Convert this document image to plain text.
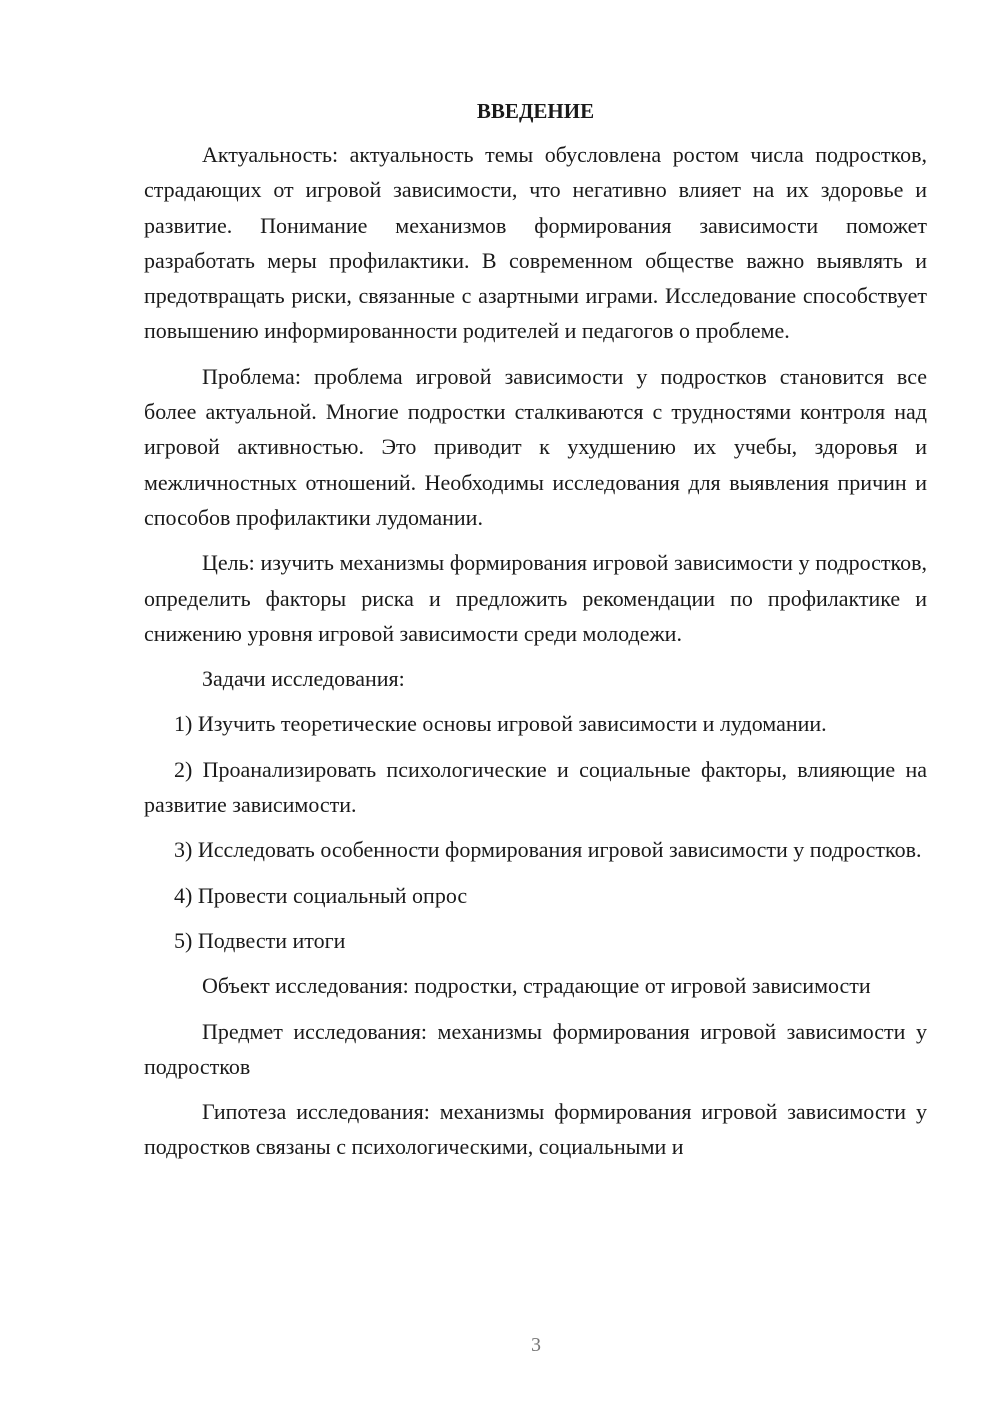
ВВЕДЕНИЕ

Актуальность: актуальность темы обусловлена ростом числа подростков, страдающих от игровой зависимости, что негативно влияет на их здоровье и развитие. Понимание механизмов формирования зависимости поможет разработать меры профилактики. В современном обществе важно выявлять и предотвращать риски, связанные с азартными играми. Исследование способствует повышению информированности родителей и педагогов о проблеме.

Проблема: проблема игровой зависимости у подростков становится все более актуальной. Многие подростки сталкиваются с трудностями контроля над игровой активностью. Это приводит к ухудшению их учебы, здоровья и межличностных отношений. Необходимы исследования для выявления причин и способов профилактики лудомании.

Цель: изучить механизмы формирования игровой зависимости у подростков, определить факторы риска и предложить рекомендации по профилактике и снижению уровня игровой зависимости среди молодежи.

Задачи исследования:

1) Изучить теоретические основы игровой зависимости и лудомании.

2) Проанализировать психологические и социальные факторы, влияющие на развитие зависимости.

3) Исследовать особенности формирования игровой зависимости у подростков.

4) Провести социальный опрос

5) Подвести итоги

Объект исследования: подростки, страдающие от игровой зависимости

Предмет исследования: механизмы формирования игровой зависимости у подростков

Гипотеза исследования: механизмы формирования игровой зависимости у подростков связаны с психологическими, социальными и

3
